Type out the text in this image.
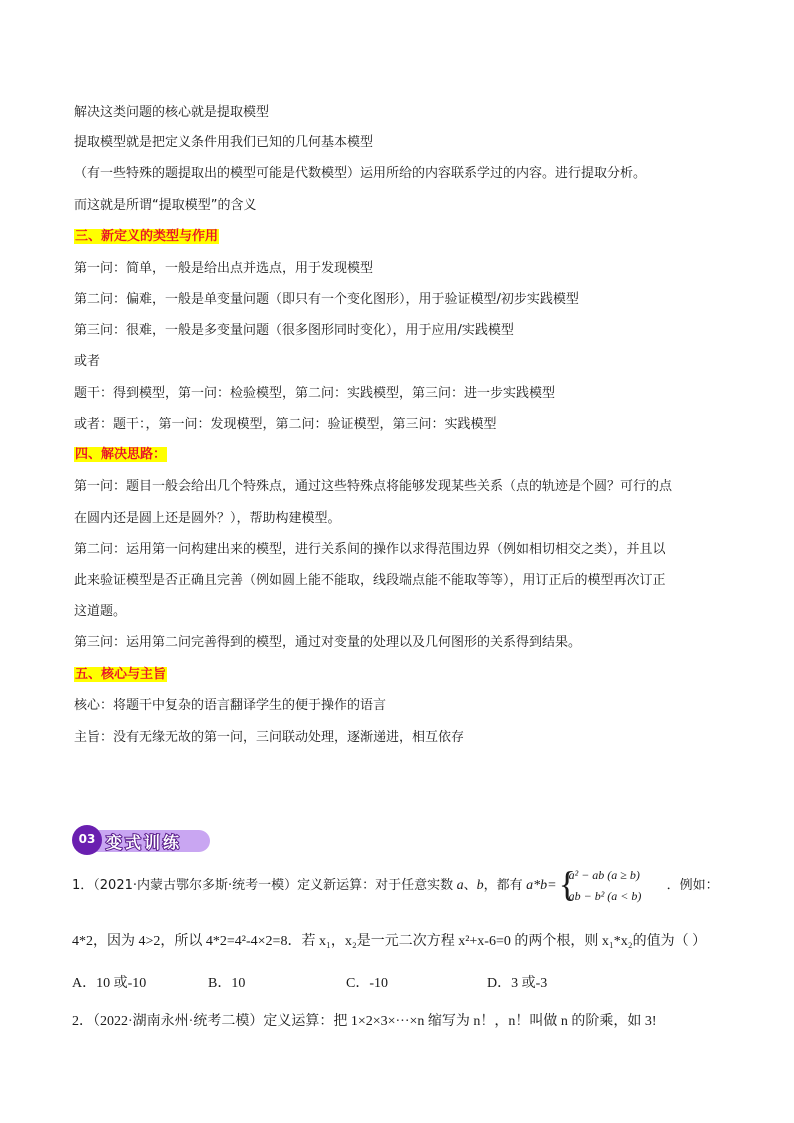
解决这类问题的核心就是提取模型
提取模型就是把定义条件用我们已知的几何基本模型
（有一些特殊的题提取出的模型可能是代数模型）运用所给的内容联系学过的内容。进行提取分析。
而这就是所谓“提取模型”的含义
三、新定义的类型与作用
第一问：简单，一般是给出点并选点，用于发现模型
第二问：偏难，一般是单变量问题（即只有一个变化图形），用于验证模型/初步实践模型
第三问：很难，一般是多变量问题（很多图形同时变化），用于应用/实践模型
或者
题干：得到模型，第一问：检验模型，第二问：实践模型，第三问：进一步实践模型
或者：题干：，第一问：发现模型，第二问：验证模型，第三问：实践模型
四、解决思路：
第一问：题目一般会给出几个特殊点，通过这些特殊点将能够发现某些关系（点的轨迹是个圆？可行的点
在圆内还是圆上还是圆外？），帮助构建模型。
第二问：运用第一问构建出来的模型，进行关系间的操作以求得范围边界（例如相切相交之类），并且以
此来验证模型是否正确且完善（例如圆上能不能取，线段端点能不能取等等），用订正后的模型再次订正
这道题。
第三问：运用第二问完善得到的模型，通过对变量的处理以及几何图形的关系得到结果。
五、核心与主旨
核心：将题干中复杂的语言翻译学生的便于操作的语言
主旨：没有无缘无故的第一问，三问联动处理，逐渐递进，相互依存
03 变式训练
1．（2021·内蒙古鄂尔多斯·统考一模）定义新运算：对于任意实数 a、b，都有 a*b= {
a² − ab (a ≥ b)
ab − b² (a < b)
．例如：
4*2，因为 4>2，所以 4*2=4²-4×2=8．若 x₁，x₂是一元二次方程 x²+x-6=0 的两个根，则 x₁*x₂的值为（ ）
A．10 或-10	B．10	C．-10	D．3 或-3
2．（2022·湖南永州·统考二模）定义运算：把 1×2×3×···×n 缩写为 n！，n！叫做 n 的阶乘，如 3!
